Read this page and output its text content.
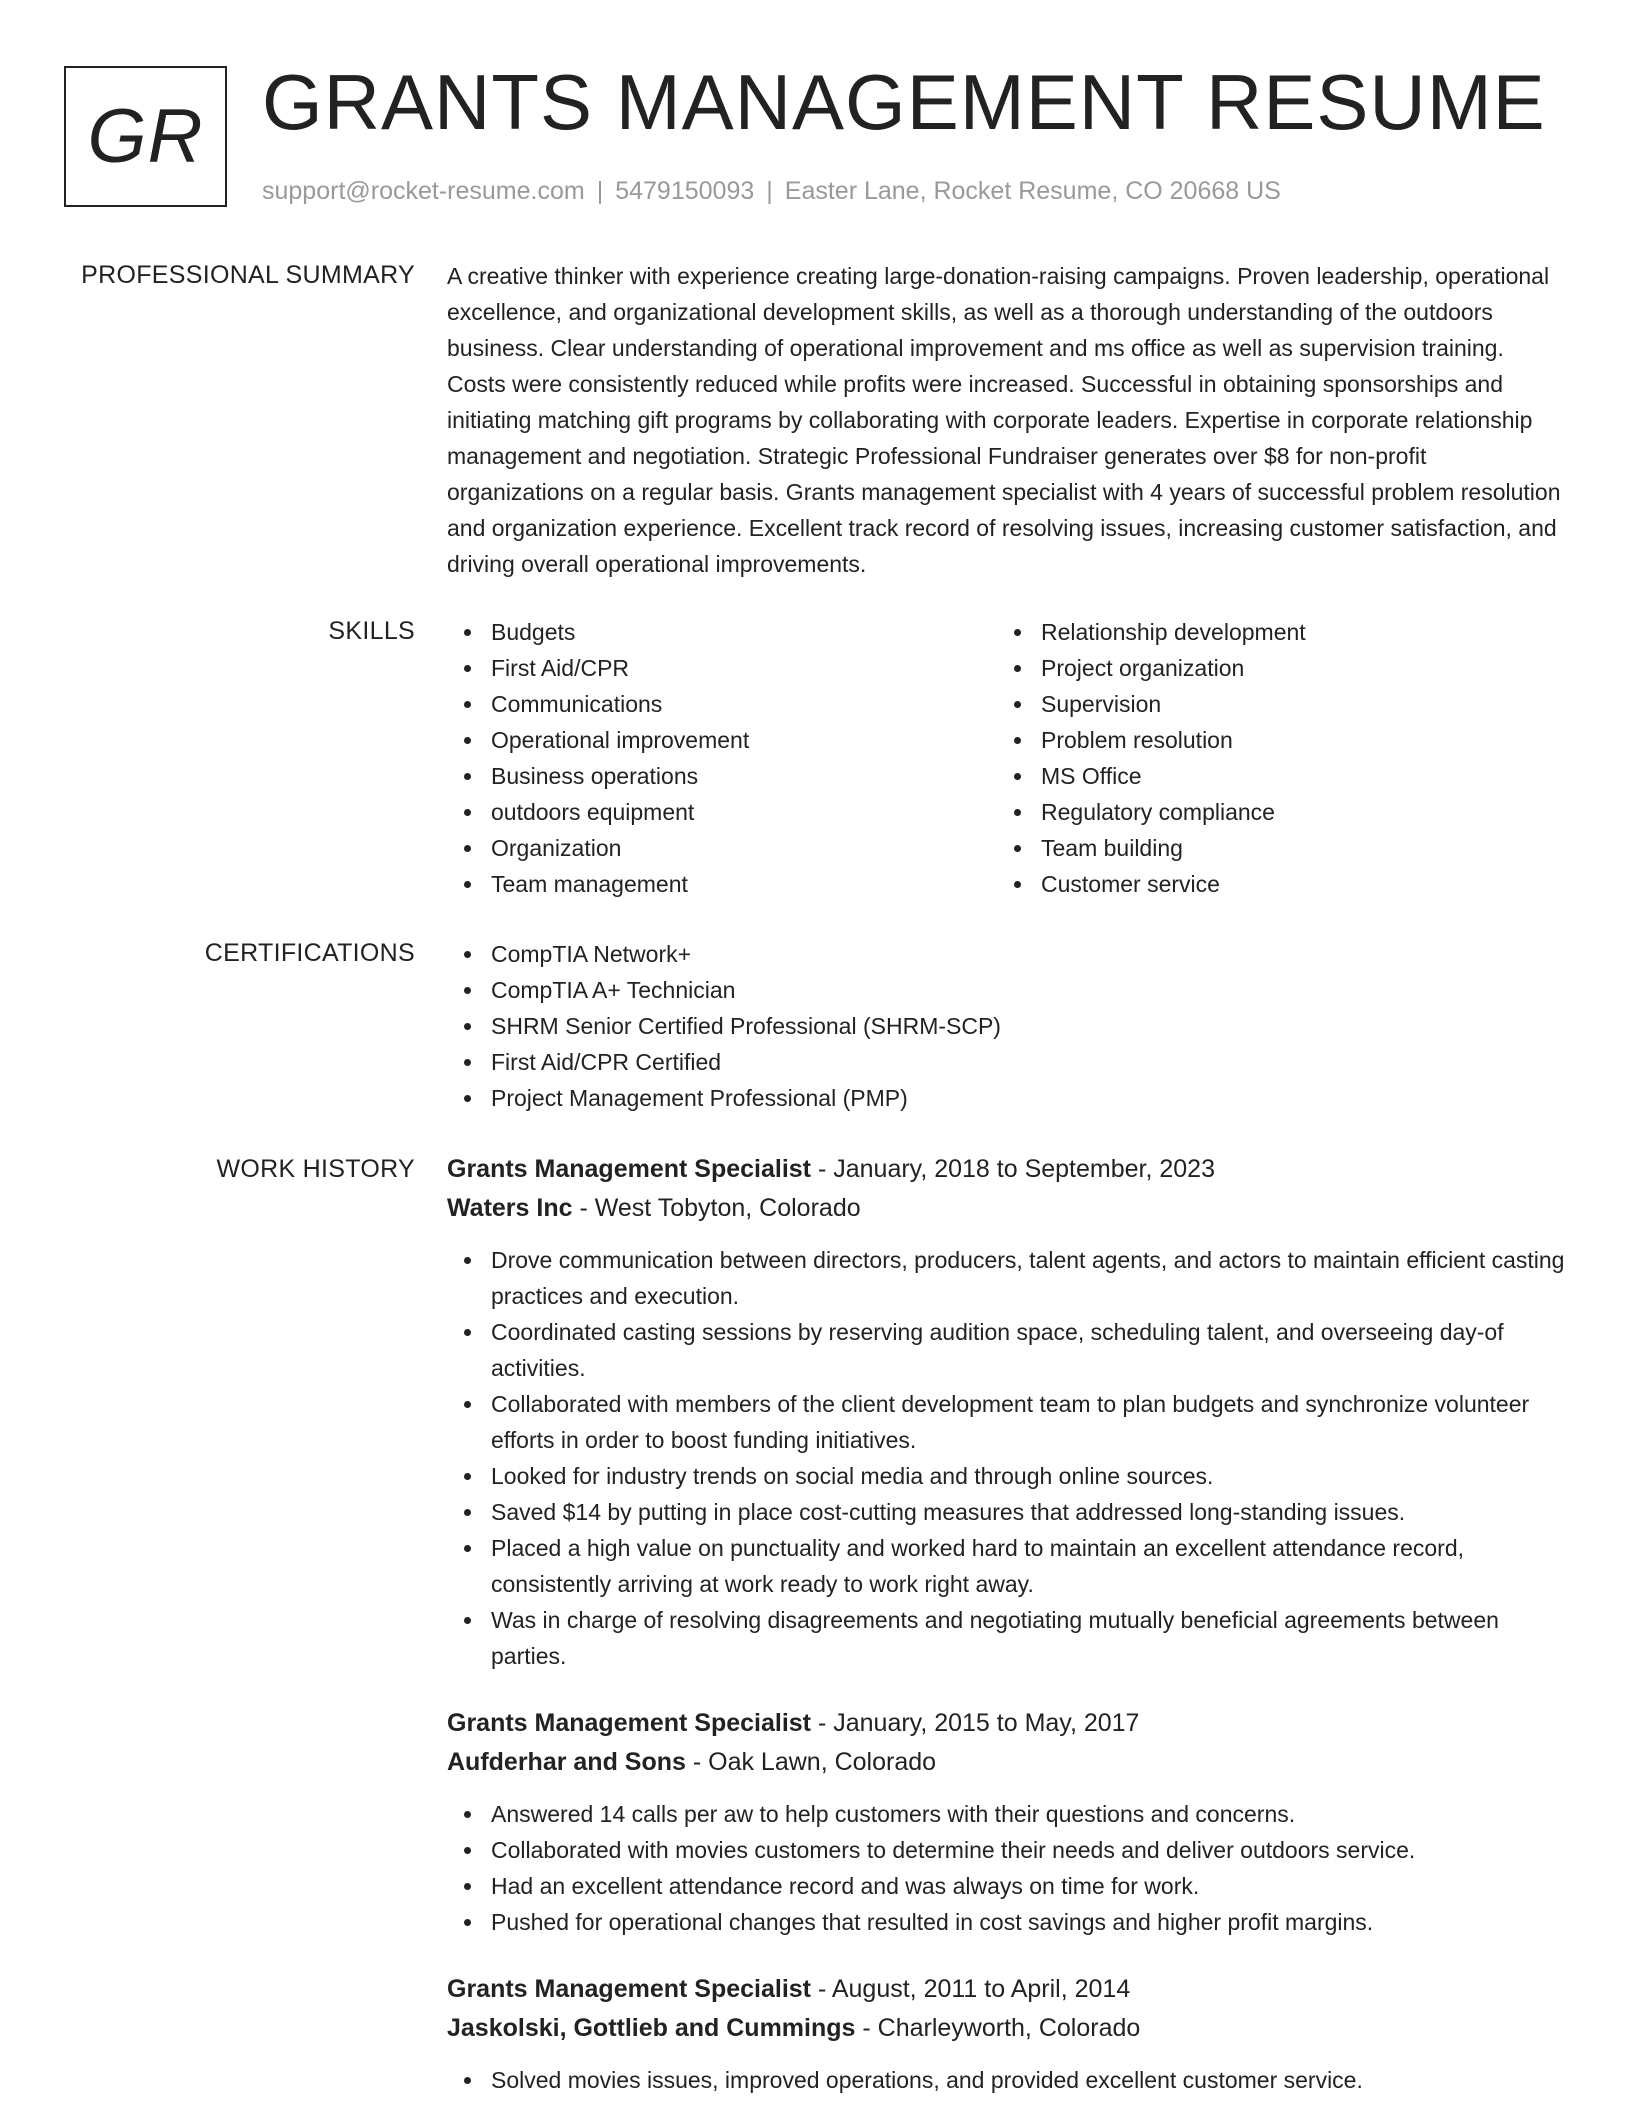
GR GRANTS MANAGEMENT RESUME
support@rocket-resume.com | 5479150093 | Easter Lane, Rocket Resume, CO 20668 US
PROFESSIONAL SUMMARY A creative thinker with experience creating large-donation-raising campaigns. Proven leadership, operational excellence, and organizational development skills, as well as a thorough understanding of the outdoors business. Clear understanding of operational improvement and ms office as well as supervision training. Costs were consistently reduced while profits were increased. Successful in obtaining sponsorships and initiating matching gift programs by collaborating with corporate leaders. Expertise in corporate relationship management and negotiation. Strategic Professional Fundraiser generates over $8 for non-profit organizations on a regular basis. Grants management specialist with 4 years of successful problem resolution and organization experience. Excellent track record of resolving issues, increasing customer satisfaction, and driving overall operational improvements.

SKILLS	Budgets
First Aid/CPR
Communications
Operational improvement
Business operations
outdoors equipment
Organization
Team management
Relationship development
Project organization
Supervision
Problem resolution
MS Office
Regulatory compliance
Team building
Customer service
CERTIFICATIONS	CompTIA Network+
CompTIA A+ Technician
SHRM Senior Certified Professional (SHRM-SCP)
First Aid/CPR Certified
Project Management Professional (PMP)
WORK HISTORY Grants Management Specialist - January, 2018 to September, 2023
Waters Inc - West Tobyton, Colorado
Drove communication between directors, producers, talent agents, and actors to maintain efficient casting practices and execution.
Coordinated casting sessions by reserving audition space, scheduling talent, and overseeing day-of activities.
Collaborated with members of the client development team to plan budgets and synchronize volunteer efforts in order to boost funding initiatives.
Looked for industry trends on social media and through online sources.
Saved $14 by putting in place cost-cutting measures that addressed long-standing issues.
Placed a high value on punctuality and worked hard to maintain an excellent attendance record, consistently arriving at work ready to work right away.
Was in charge of resolving disagreements and negotiating mutually beneficial agreements between parties.
Grants Management Specialist - January, 2015 to May, 2017
Aufderhar and Sons - Oak Lawn, Colorado
Answered 14 calls per aw to help customers with their questions and concerns.
Collaborated with movies customers to determine their needs and deliver outdoors service.
Had an excellent attendance record and was always on time for work.
Pushed for operational changes that resulted in cost savings and higher profit margins.
Grants Management Specialist - August, 2011 to April, 2014
Jaskolski, Gottlieb and Cummings - Charleyworth, Colorado
Solved movies issues, improved operations, and provided excellent customer service.
